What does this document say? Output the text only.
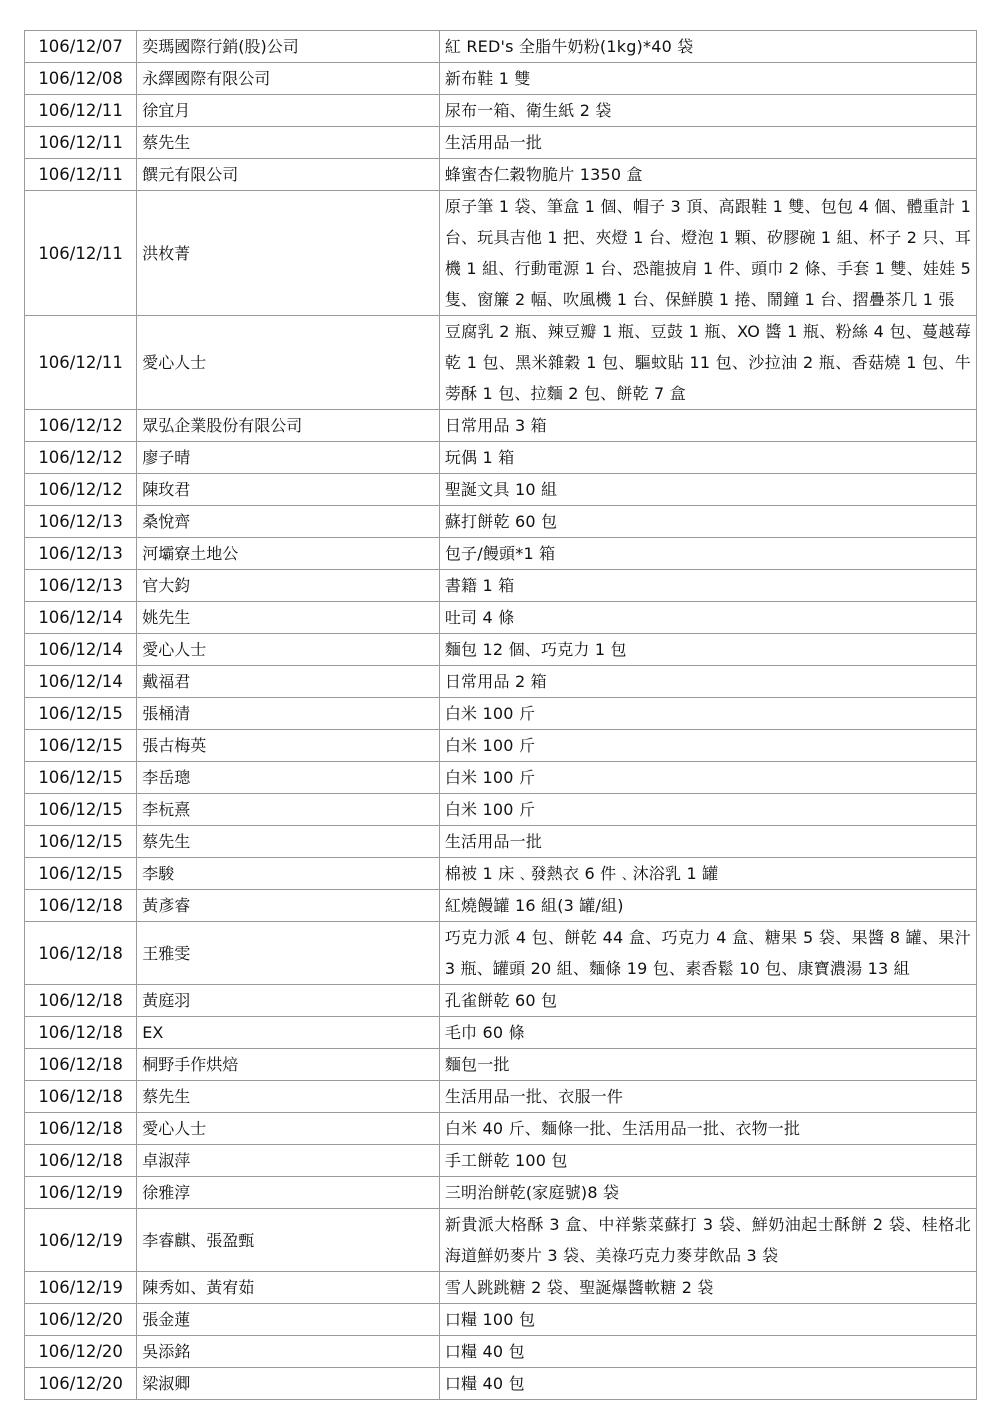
106/12/07	奕瑪國際行銷(股)公司	紅 RED's 全脂牛奶粉(1kg)*40 袋
106/12/08	永繹國際有限公司	新布鞋 1 雙
106/12/11	徐宜月	尿布一箱、衛生紙 2 袋
106/12/11	蔡先生	生活用品一批
106/12/11	饌元有限公司	蜂蜜杏仁穀物脆片 1350 盒
106/12/11	洪枚菁	原子筆 1 袋、筆盒 1 個、帽子 3 頂、高跟鞋 1 雙、包包 4 個、體重計 1 台、玩具吉他 1 把、夾燈 1 台、燈泡 1 顆、矽膠碗 1 組、杯子 2 只、耳機 1 組、行動電源 1 台、恐龍披肩 1 件、頭巾 2 條、手套 1 雙、娃娃 5 隻、窗簾 2 幅、吹風機 1 台、保鮮膜 1 捲、鬧鐘 1 台、摺疊茶几 1 張
106/12/11	愛心人士	豆腐乳 2 瓶、辣豆瓣 1 瓶、豆鼓 1 瓶、XO 醬 1 瓶、粉絲 4 包、蔓越莓乾 1 包、黑米雜穀 1 包、驅蚊貼 11 包、沙拉油 2 瓶、香菇燒 1 包、牛蒡酥 1 包、拉麵 2 包、餅乾 7 盒
106/12/12	眾弘企業股份有限公司	日常用品 3 箱
106/12/12	廖子晴	玩偶 1 箱
106/12/12	陳玫君	聖誕文具 10 組
106/12/13	桑悅齊	蘇打餅乾 60 包
106/12/13	河壩寮土地公	包子/饅頭*1 箱
106/12/13	官大鈞	書籍 1 箱
106/12/14	姚先生	吐司 4 條
106/12/14	愛心人士	麵包 12 個、巧克力 1 包
106/12/14	戴福君	日常用品 2 箱
106/12/15	張桶清	白米 100 斤
106/12/15	張古梅英	白米 100 斤
106/12/15	李岳璁	白米 100 斤
106/12/15	李杬熹	白米 100 斤
106/12/15	蔡先生	生活用品一批
106/12/15	李駿	棉被 1 床﹑發熱衣 6 件﹑沐浴乳 1 罐
106/12/18	黃彥睿	紅燒饅罐 16 組(3 罐/組)
106/12/18	王雅雯	巧克力派 4 包、餅乾 44 盒、巧克力 4 盒、糖果 5 袋、果醬 8 罐、果汁 3 瓶、罐頭 20 組、麵條 19 包、素香鬆 10 包、康寶濃湯 13 組
106/12/18	黃庭羽	孔雀餅乾 60 包
106/12/18	EX	毛巾 60 條
106/12/18	桐野手作烘焙	麵包一批
106/12/18	蔡先生	生活用品一批、衣服一件
106/12/18	愛心人士	白米 40 斤、麵條一批、生活用品一批、衣物一批
106/12/18	卓淑萍	手工餅乾 100 包
106/12/19	徐雅淳	三明治餅乾(家庭號)8 袋
106/12/19	李睿麒、張盈甄	新貴派大格酥 3 盒、中祥紫菜蘇打 3 袋、鮮奶油起士酥餅 2 袋、桂格北海道鮮奶麥片 3 袋、美祿巧克力麥芽飲品 3 袋
106/12/19	陳秀如、黃宥茹	雪人跳跳糖 2 袋、聖誕爆醬軟糖 2 袋
106/12/20	張金蓮	口糧 100 包
106/12/20	吳添銘	口糧 40 包
106/12/20	梁淑卿	口糧 40 包
